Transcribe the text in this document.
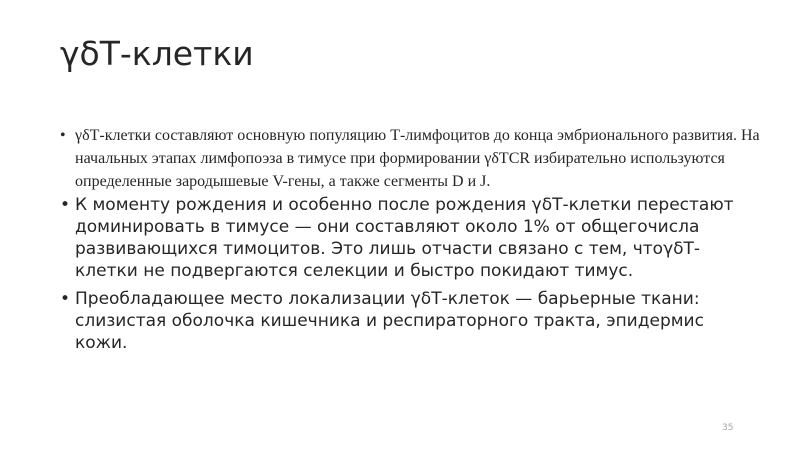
γδТ-клетки
• γδТ-клетки составляют основную популяцию Т-лимфоцитов до конца эмбрионального развития. На начальных этапах лимфопоэза в тимусе при формировании γδTCR избирательно используются определенные зародышевые V-гены, а также сегменты D и J.
• К моменту рождения и особенно после рождения γδТ-клетки перестают доминировать в тимусе — они составляют около 1% от общегочисла развивающихся тимоцитов. Это лишь отчасти связано с тем, чтоγδТ-клетки не подвергаются селекции и быстро покидают тимус.
• Преобладающее место локализации γδТ-клеток — барьерные ткани: слизистая оболочка кишечника и респираторного тракта, эпидермис кожи.
35
